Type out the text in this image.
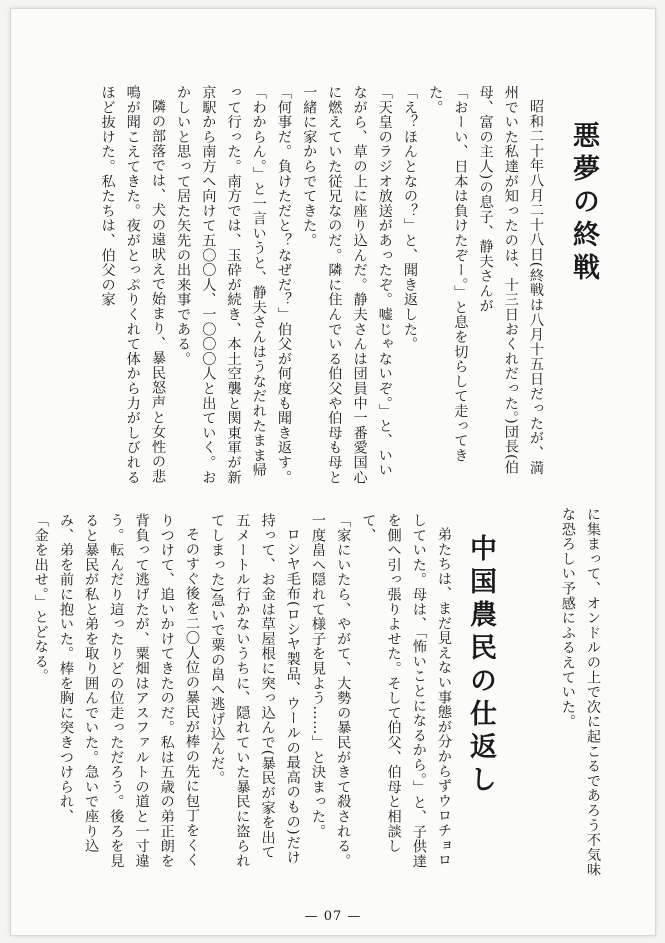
悪夢の終戦

昭和二十年八月二十八日(終戦は八月十五日だったが、満州でいた私達が知ったのは、十三日おくれだった。)団長(伯母、富の主人)の息子、静夫さんが

「おーい、日本は負けたぞー。」と息を切らして走ってきた。

「え？ほんとなの？」と、聞き返した。

「天皇のラジオ放送があったぞ。嘘じゃないぞ。」と、いいながら、草の上に座り込んだ。静夫さんは団員中一番愛国心に燃えていた従兄なのだ。隣に住んでいる伯父や伯母も母と一緒に家からでてきた。

「何事だ。負けただと？なぜだ？」伯父が何度も聞き返す。

「わからん。」と一言いうと、静夫さんはうなだれたまま帰って行った。南方では、玉砕が続き、本土空襲と関東軍が新京駅から南方へ向けて五〇〇人、一〇〇〇人と出ていく。おかしいと思って居た矢先の出来事である。

隣の部落では、犬の遠吠えで始まり、暴民怒声と女性の悲鳴が聞こえてきた。夜がとっぷりくれて体から力がしびれるほど抜けた。私たちは、伯父の家

に集まって、オンドルの上で次に起こるであろう不気味な恐ろしい予感にふるえていた。

中国農民の仕返し

弟たちは、まだ見えない事態が分からずウロチョロしていた。母は、「怖いことになるから。」と、子供達を側へ引っ張りよせた。そして伯父、伯母と相談して、

「家にいたら、やがて、大勢の暴民がきて殺される。一度畠へ隠れて様子を見よう……」と決まった。

ロシヤ毛布(ロシヤ製品、ウールの最高のもの)だけ持って、お金は草屋根に突っ込んで(暴民が家を出て五メートル行かないうちに、隠れていた暴民に盗られてしまった)急いで粟の畠へ逃げ込んだ。

そのすぐ後を二〇人位の暴民が棒の先に包丁をくくりつけて、追いかけてきたのだ。私は五歳の弟正朗を背負って逃げたが、粟畑はアスファルトの道と一寸違う。転んだり這ったりどの位走っただろう。後ろを見ると暴民が私と弟を取り囲んでいた。急いで座り込み、弟を前に抱いた。棒を胸に突きつけられ、

「金を出せ。」とどなる。

— 07 —
